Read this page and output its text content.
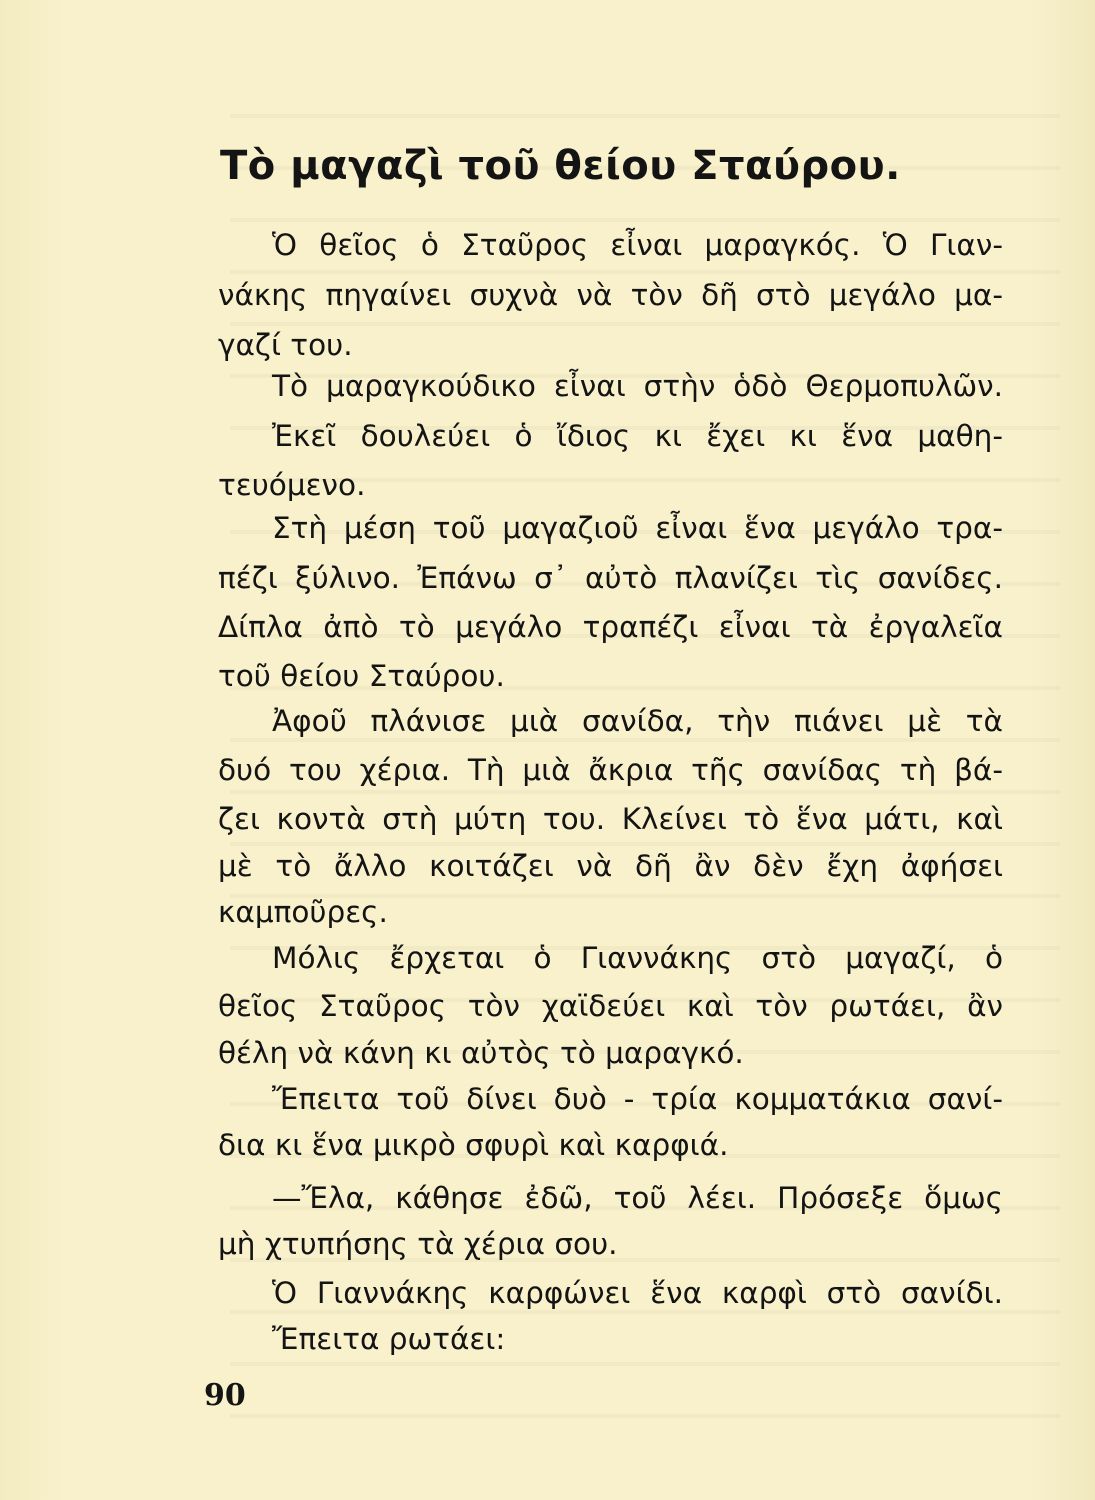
Τὸ μαγαζὶ τοῦ θείου Σταύρου.

Ὁ θεῖος ὁ Σταῦρος εἶναι μαραγκός. Ὁ Γιαν-

νάκης πηγαίνει συχνὰ νὰ τὸν δῆ στὸ μεγάλο μα-

γαζί του.

Τὸ μαραγκούδικο εἶναι στὴν ὁδὸ Θερμοπυλῶν.

Ἐκεῖ δουλεύει ὁ ἴδιος κι ἔχει κι ἕνα μαθη-

τευόμενο.

Στὴ μέση τοῦ μαγαζιοῦ εἶναι ἕνα μεγάλο τρα-

πέζι ξύλινο. Ἐπάνω σ᾽ αὐτὸ πλανίζει τὶς σανίδες.

Δίπλα ἀπὸ τὸ μεγάλο τραπέζι εἶναι τὰ ἐργαλεῖα

τοῦ θείου Σταύρου.

Ἀφοῦ πλάνισε μιὰ σανίδα, τὴν πιάνει μὲ τὰ

δυό του χέρια. Τὴ μιὰ ἄκρια τῆς σανίδας τὴ βά-

ζει κοντὰ στὴ μύτη του. Κλείνει τὸ ἕνα μάτι, καὶ

μὲ τὸ ἄλλο κοιτάζει νὰ δῆ ἂν δὲν ἔχη ἀφήσει

καμποῦρες.

Μόλις ἔρχεται ὁ Γιαννάκης στὸ μαγαζί, ὁ

θεῖος Σταῦρος τὸν χαϊδεύει καὶ τὸν ρωτάει, ἂν

θέλη νὰ κάνη κι αὐτὸς τὸ μαραγκό.

Ἔπειτα τοῦ δίνει δυὸ - τρία κομματάκια σανί-

δια κι ἕνα μικρὸ σφυρὶ καὶ καρφιά.

—Ἔλα, κάθησε ἐδῶ, τοῦ λέει. Πρόσεξε ὅμως

μὴ χτυπήσης τὰ χέρια σου.

Ὁ Γιαννάκης καρφώνει ἕνα καρφὶ στὸ σανίδι.

Ἔπειτα ρωτάει:

90
